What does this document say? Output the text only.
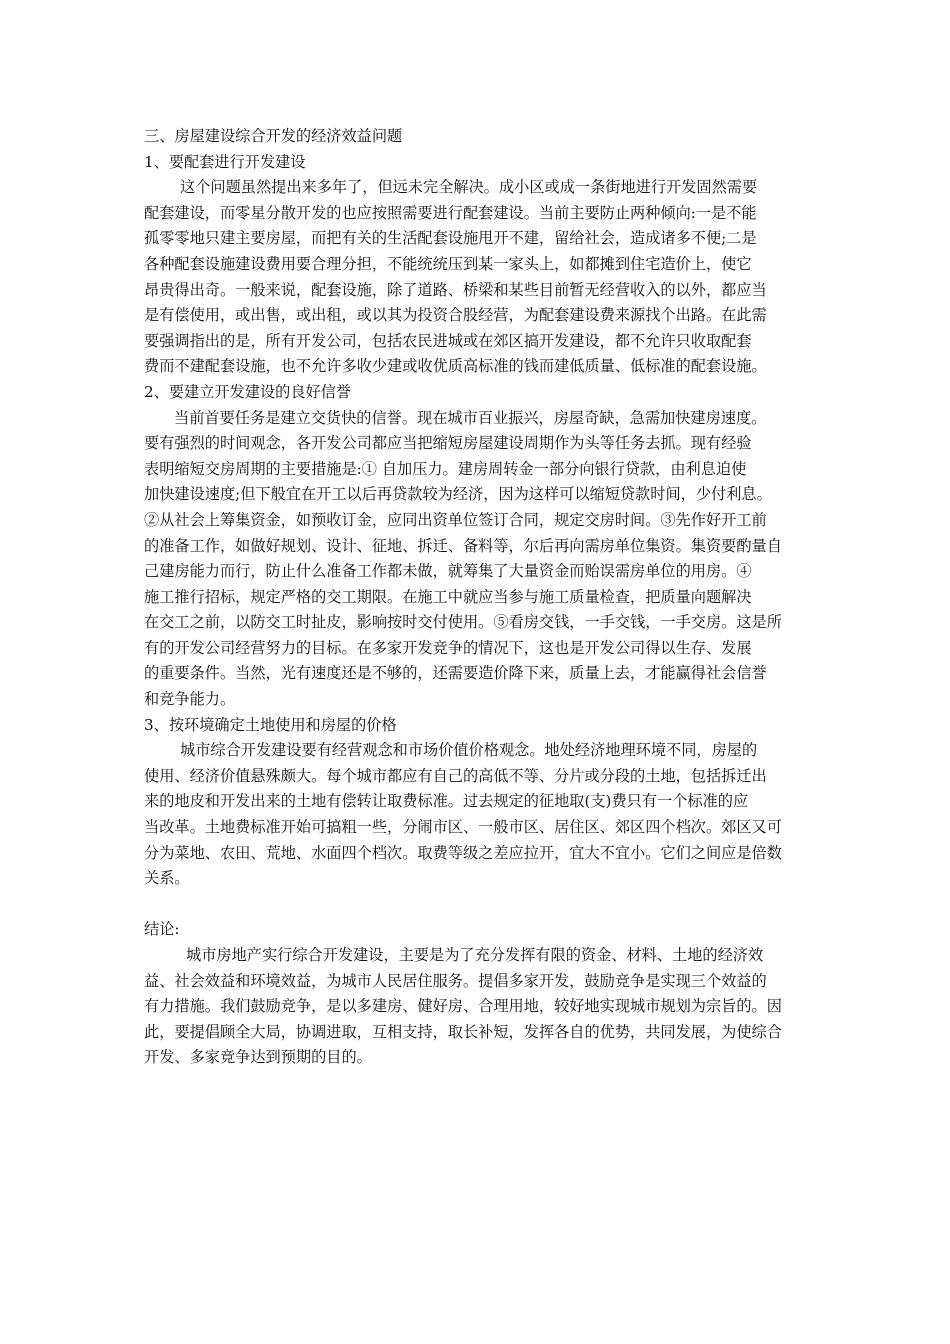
三、房屋建设综合开发的经济效益问题
1、要配套进行开发建设
这个问题虽然提出来多年了，但远未完全解决。成小区或成一条街地进行开发固然需要
配套建设，而零星分散开发的也应按照需要进行配套建设。当前主要防止两种倾向:一是不能
孤零零地只建主要房屋，而把有关的生活配套设施甩开不建，留给社会，造成诸多不便;二是
各种配套设施建设费用要合理分担，不能统统压到某一家头上，如都摊到住宅造价上，使它
昂贵得出奇。一般来说，配套设施，除了道路、桥梁和某些目前暂无经营收入的以外，都应当
是有偿使用，或出售，或出租，或以其为投资合股经营，为配套建设费来源找个出路。在此需
要强调指出的是，所有开发公司，包括农民进城或在郊区搞开发建设，都不允许只收取配套
费而不建配套设施，也不允许多收少建或收优质高标准的钱而建低质量、低标准的配套设施。
2、要建立开发建设的良好信誉
当前首要任务是建立交货快的信誉。现在城市百业振兴，房屋奇缺，急需加快建房速度。
要有强烈的时间观念，各开发公司都应当把缩短房屋建设周期作为头等任务去抓。现有经验
表明缩短交房周期的主要措施是:① 自加压力。建房周转金一部分向银行贷款，由利息迫使
加快建设速度;但下般宜在开工以后再贷款较为经济，因为这样可以缩短贷款时间，少付利息。
②从社会上筹集资金，如预收订金，应同出资单位签订合同，规定交房时间。③先作好开工前
的准备工作，如做好规划、设计、征地、拆迁、备料等，尔后再向需房单位集资。集资要酌量自
己建房能力而行，防止什么准备工作都未做，就筹集了大量资金而贻误需房单位的用房。④
施工推行招标，规定严格的交工期限。在施工中就应当参与施工质量检查，把质量向题解决
在交工之前，以防交工时扯皮，影响按时交付使用。⑤看房交钱，一手交钱，一手交房。这是所
有的开发公司经营努力的目标。在多家开发竞争的情况下，这也是开发公司得以生存、发展
的重要条件。当然，光有速度还是不够的，还需要造价降下来，质量上去，才能赢得社会信誉
和竞争能力。
3、按环境确定土地使用和房屋的价格
城市综合开发建设要有经营观念和市场价值价格观念。地处经济地理环境不同，房屋的
使用、经济价值悬殊颇大。每个城市都应有自己的高低不等、分片或分段的土地，包括拆迁出
来的地皮和开发出来的土地有偿转让取费标准。过去规定的征地取(支)费只有一个标准的应
当改革。土地费标准开始可搞粗一些，分闹市区、一般市区、居住区、郊区四个档次。郊区又可
分为菜地、农田、荒地、水面四个档次。取费等级之差应拉开，宜大不宜小。它们之间应是倍数
关系。
结论:
城市房地产实行综合开发建设，主要是为了充分发挥有限的资金、材料、土地的经济效
益、社会效益和环境效益，为城市人民居住服务。提倡多家开发，鼓励竞争是实现三个效益的
有力措施。我们鼓励竞争，是以多建房、健好房、合理用地，较好地实现城市规划为宗旨的。因
此，要提倡顾全大局，协调进取，互相支持，取长补短，发挥各自的优势，共同发展，为使综合
开发、多家竞争达到预期的目的。
